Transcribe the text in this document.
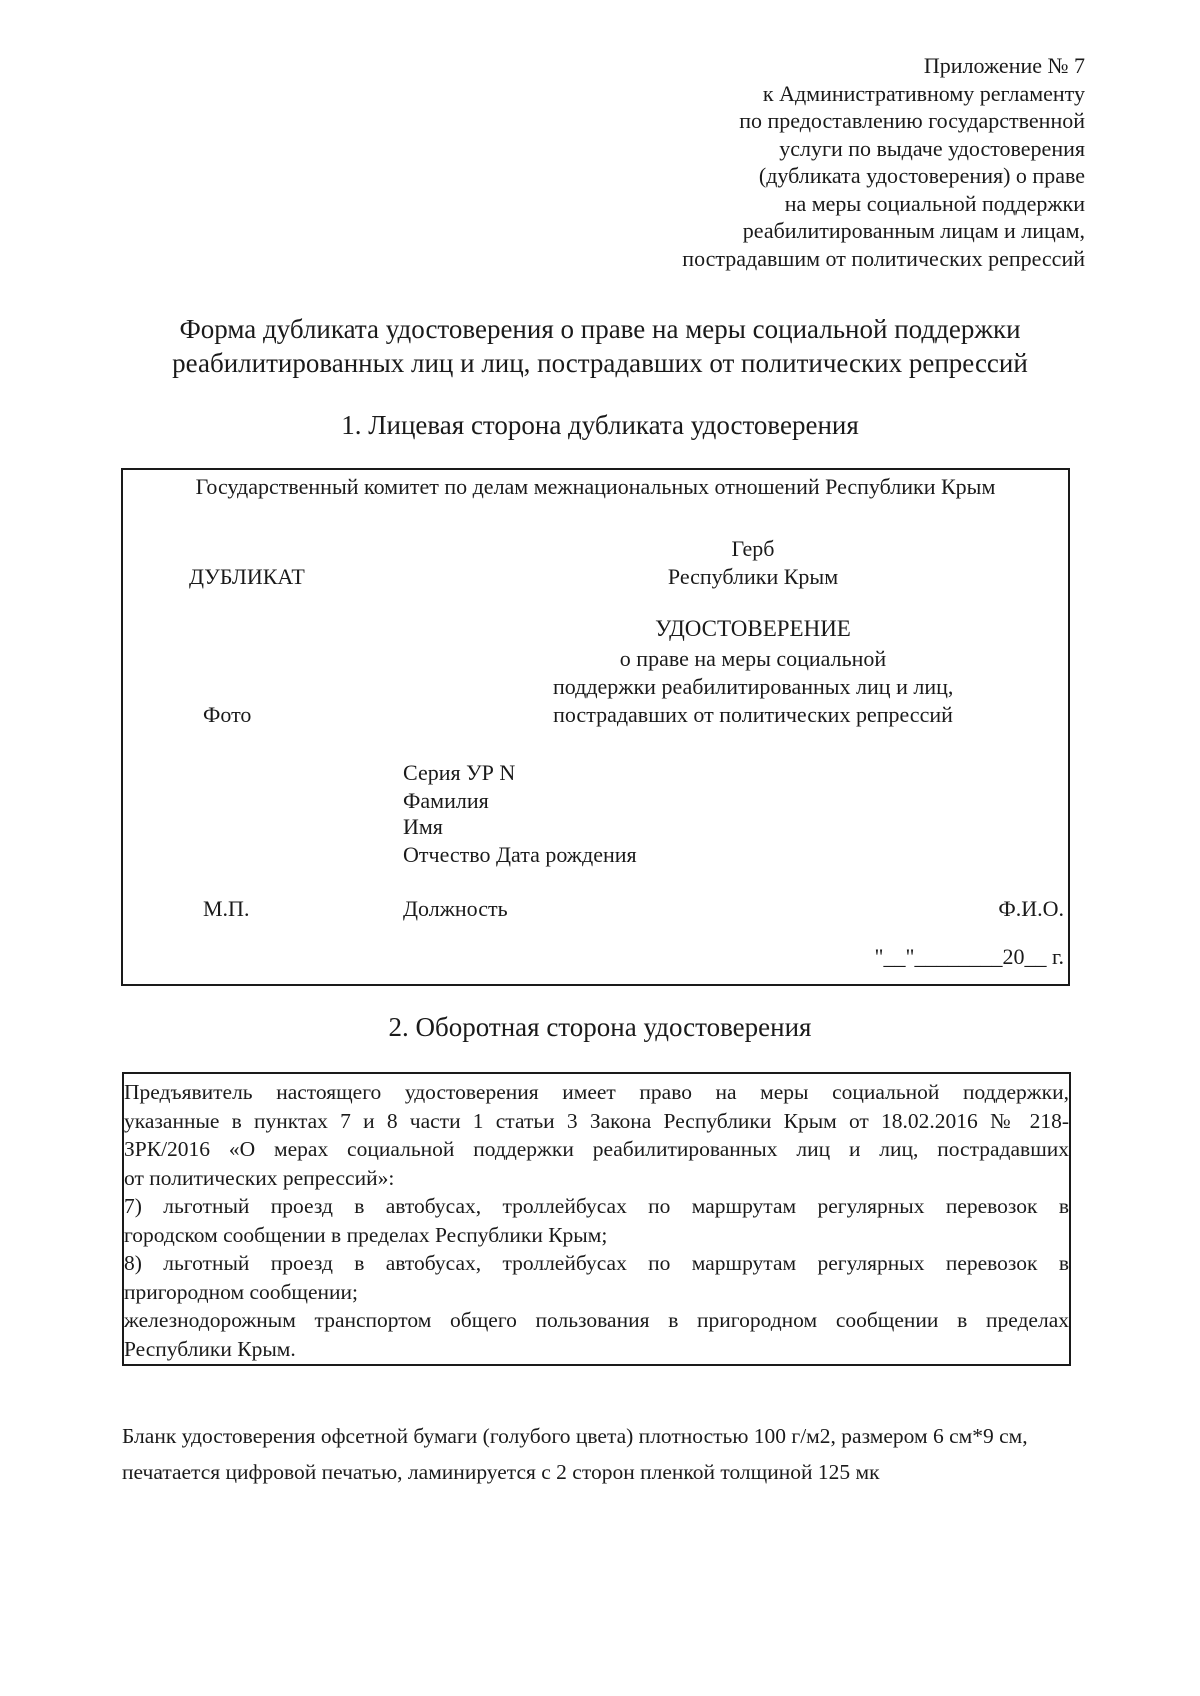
Приложение № 7
к Административному регламенту
по предоставлению государственной
услуги по выдаче удостоверения
(дубликата удостоверения) о праве
на меры социальной поддержки
реабилитированным лицам и лицам,
пострадавшим от политических репрессий
Форма дубликата удостоверения о праве на меры социальной поддержки
реабилитированных лиц и лиц, пострадавших от политических репрессий
1. Лицевая сторона дубликата удостоверения
Государственный комитет по делам межнациональных отношений Республики Крым
ДУБЛИКАТ
Герб
Республики Крым
УДОСТОВЕРЕНИЕ
о праве на меры социальной
поддержки реабилитированных лиц и лиц,
пострадавших от политических репрессий
Фото
Серия УР N
Фамилия
Имя
Отчество Дата рождения
М.П.	Должность	Ф.И.О.
"__"________20__ г.
2. Оборотная сторона удостоверения

Предъявитель настоящего удостоверения имеет право на меры социальной поддержки,

указанные в пунктах 7 и 8 части 1 статьи 3 Закона Республики Крым от 18.02.2016 № 218-

ЗРК/2016 «О мерах социальной поддержки реабилитированных лиц и лиц, пострадавших

от политических репрессий»:

7) льготный проезд в автобусах, троллейбусах по маршрутам регулярных перевозок в

городском сообщении в пределах Республики Крым;

8) льготный проезд в автобусах, троллейбусах по маршрутам регулярных перевозок в

пригородном сообщении;

железнодорожным транспортом общего пользования в пригородном сообщении в пределах

Республики Крым.

Бланк удостоверения офсетной бумаги (голубого цвета) плотностью 100 г/м2, размером 6 см*9 см,
печатается цифровой печатью, ламинируется с 2 сторон пленкой толщиной 125 мк
